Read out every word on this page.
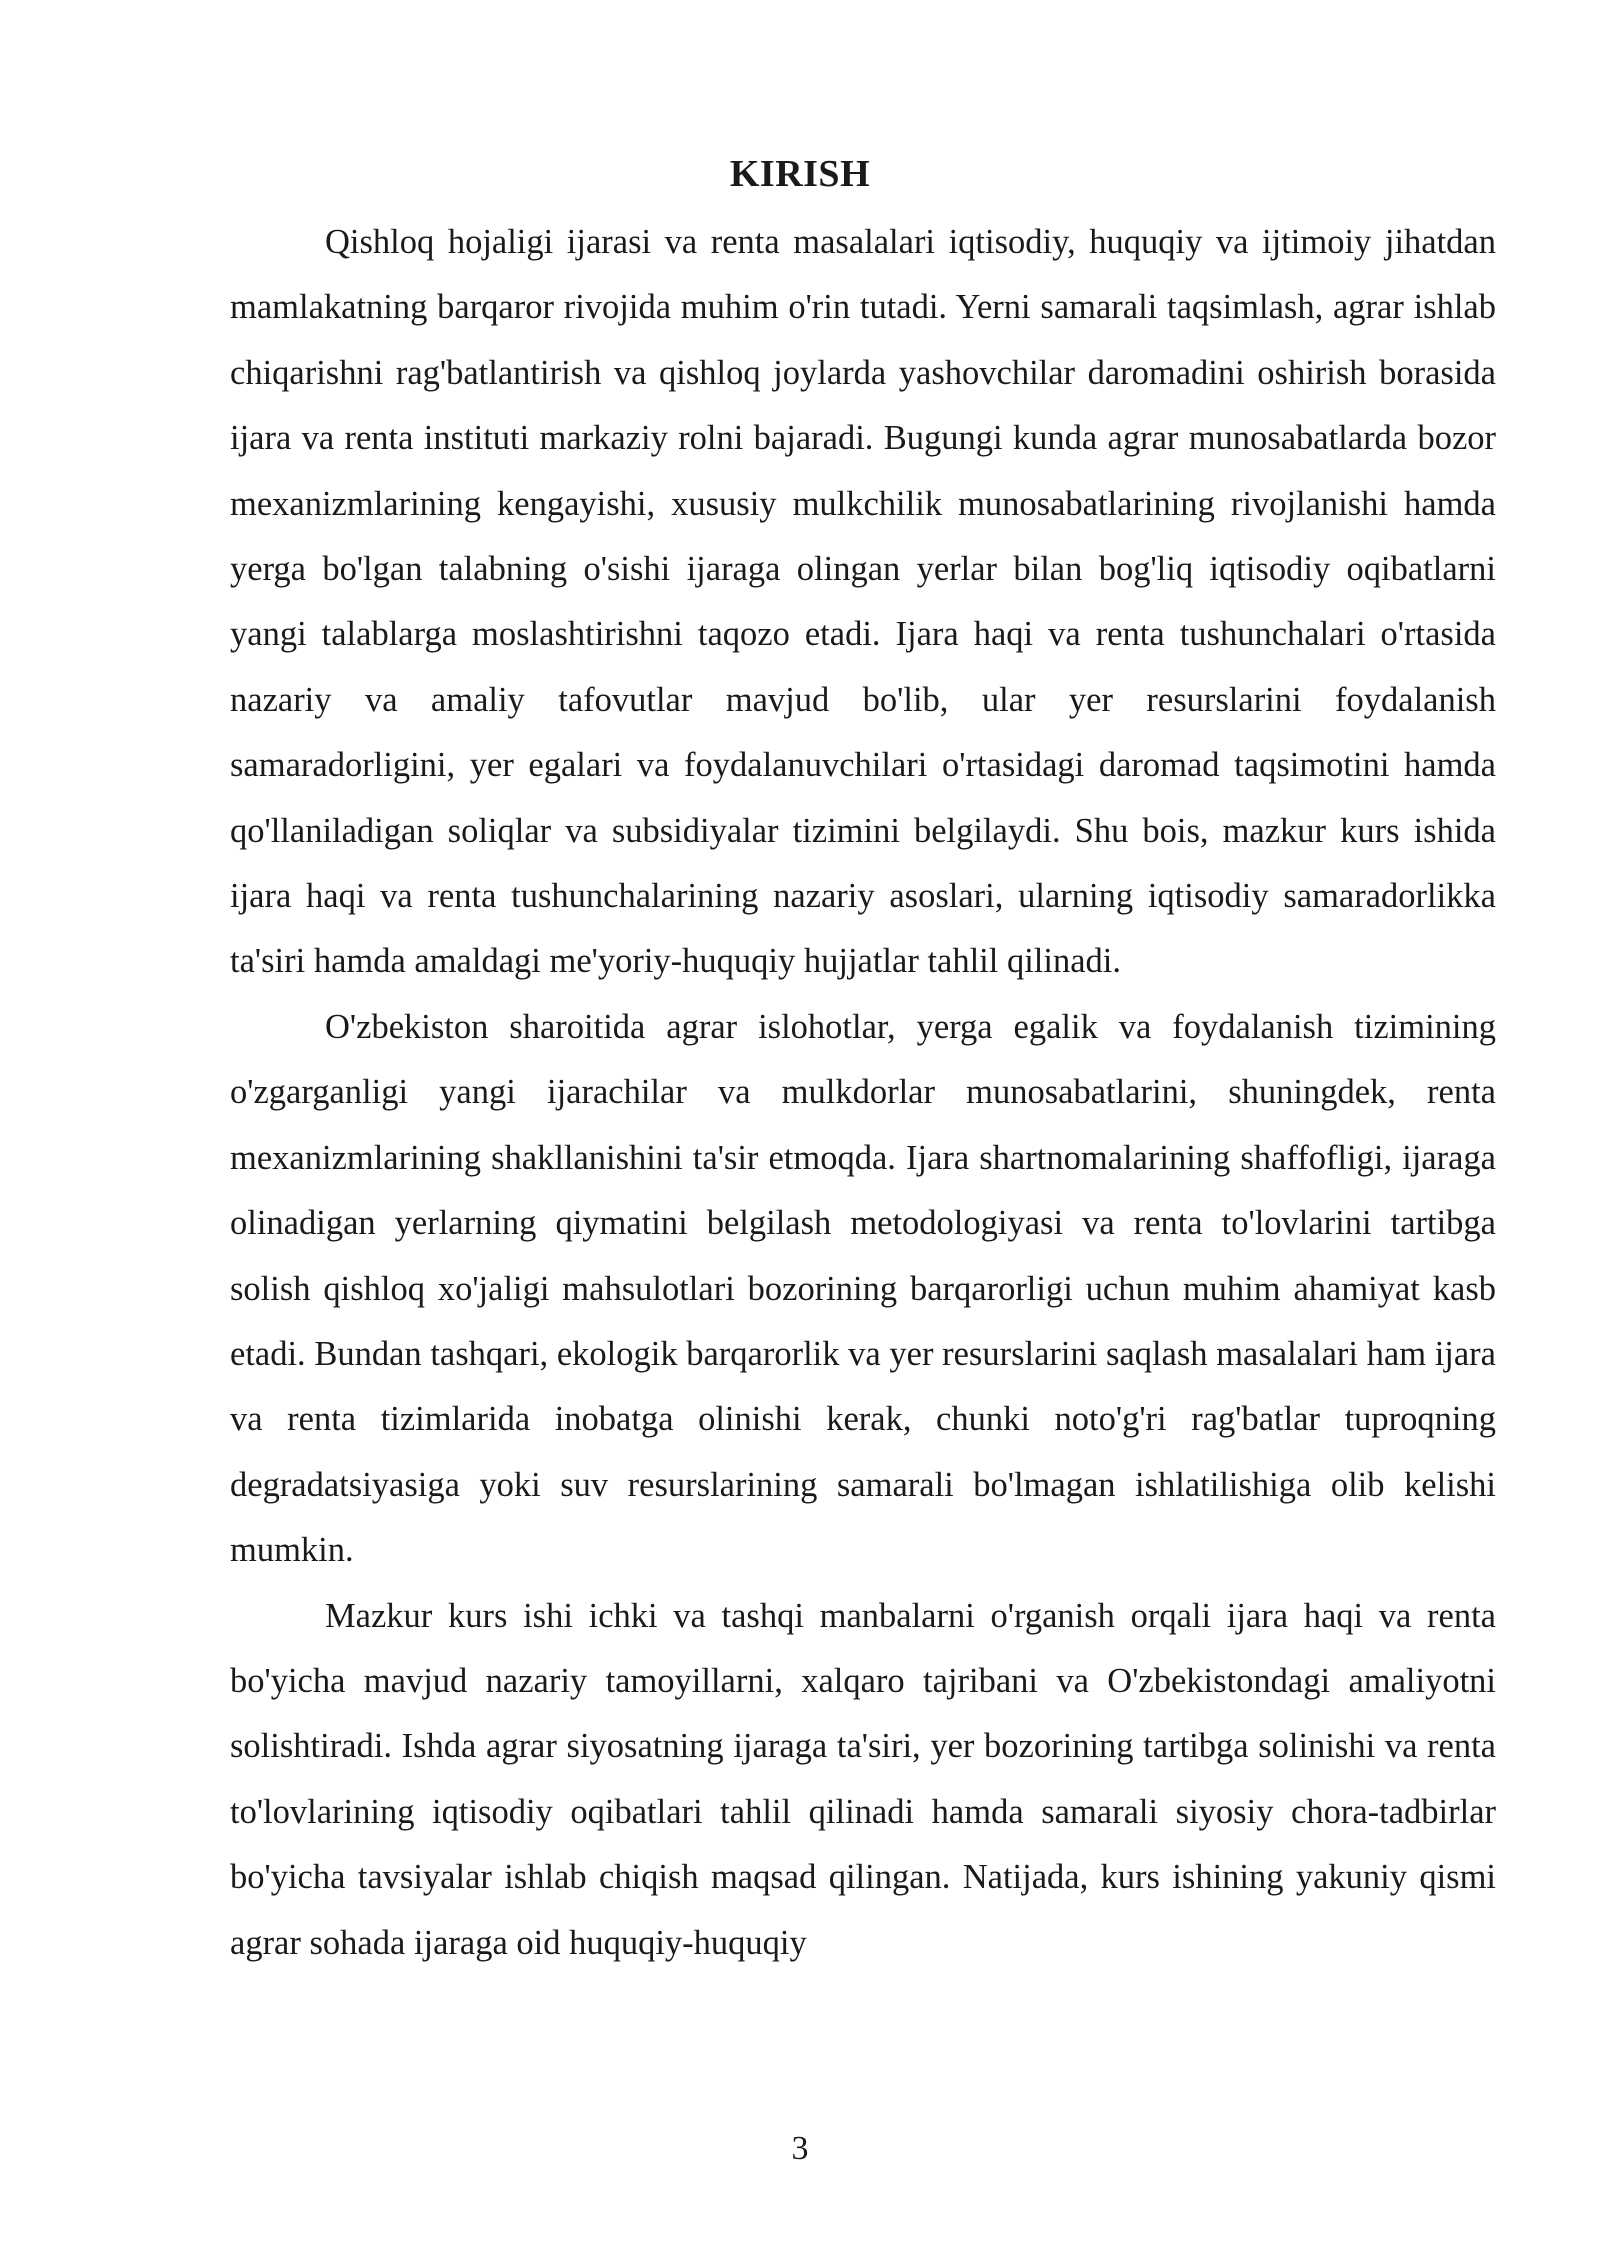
KIRISH

Qishloq hojaligi ijarasi va renta masalalari iqtisodiy, huquqiy va ijtimoiy jihatdan mamlakatning barqaror rivojida muhim o'rin tutadi. Yerni samarali taqsimlash, agrar ishlab chiqarishni rag'batlantirish va qishloq joylarda yashovchilar daromadini oshirish borasida ijara va renta instituti markaziy rolni bajaradi. Bugungi kunda agrar munosabatlarda bozor mexanizmlarining kengayishi, xususiy mulkchilik munosabatlarining rivojlanishi hamda yerga bo'lgan talabning o'sishi ijaraga olingan yerlar bilan bog'liq iqtisodiy oqibatlarni yangi talablarga moslashtirishni taqozo etadi. Ijara haqi va renta tushunchalari o'rtasida nazariy va amaliy tafovutlar mavjud bo'lib, ular yer resurslarini foydalanish samaradorligini, yer egalari va foydalanuvchilari o'rtasidagi daromad taqsimotini hamda qo'llaniladigan soliqlar va subsidiyalar tizimini belgilaydi. Shu bois, mazkur kurs ishida ijara haqi va renta tushunchalarining nazariy asoslari, ularning iqtisodiy samaradorlikka ta'siri hamda amaldagi me'yoriy-huquqiy hujjatlar tahlil qilinadi.

O'zbekiston sharoitida agrar islohotlar, yerga egalik va foydalanish tizimining o'zgarganligi yangi ijarachilar va mulkdorlar munosabatlarini, shuningdek, renta mexanizmlarining shakllanishini ta'sir etmoqda. Ijara shartnomalarining shaffofligi, ijaraga olinadigan yerlarning qiymatini belgilash metodologiyasi va renta to'lovlarini tartibga solish qishloq xo'jaligi mahsulotlari bozorining barqarorligi uchun muhim ahamiyat kasb etadi. Bundan tashqari, ekologik barqarorlik va yer resurslarini saqlash masalalari ham ijara va renta tizimlarida inobatga olinishi kerak, chunki noto'g'ri rag'batlar tuproqning degradatsiyasiga yoki suv resurslarining samarali bo'lmagan ishlatilishiga olib kelishi mumkin.

Mazkur kurs ishi ichki va tashqi manbalarni o'rganish orqali ijara haqi va renta bo'yicha mavjud nazariy tamoyillarni, xalqaro tajribani va O'zbekistondagi amaliyotni solishtiradi. Ishda agrar siyosatning ijaraga ta'siri, yer bozorining tartibga solinishi va renta to'lovlarining iqtisodiy oqibatlari tahlil qilinadi hamda samarali siyosiy chora-tadbirlar bo'yicha tavsiyalar ishlab chiqish maqsad qilingan. Natijada, kurs ishining yakuniy qismi agrar sohada ijaraga oid huquqiy-huquqiy

3
